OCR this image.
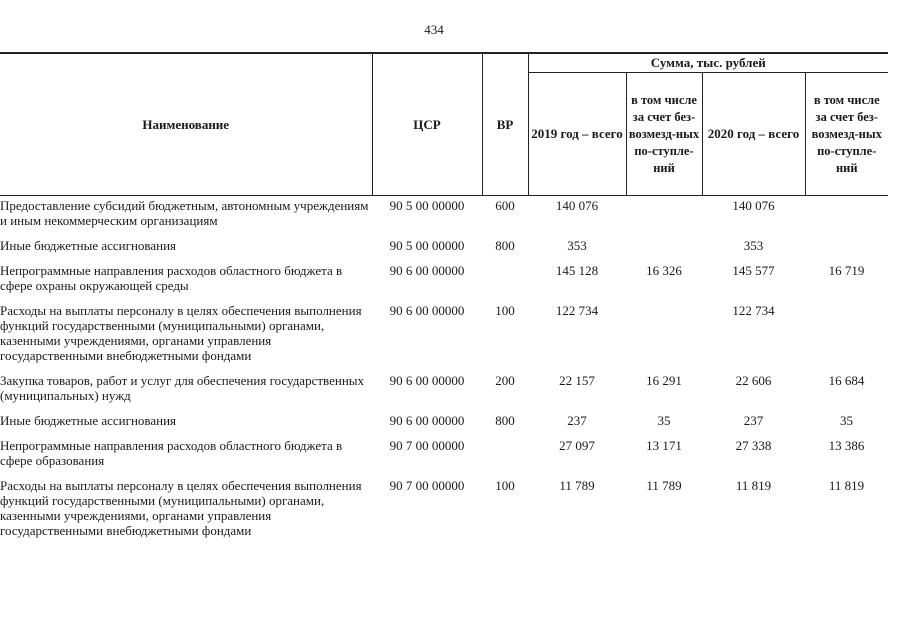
434
Наименование	ЦСР	ВР	Сумма, тыс. рублей			
			2019 год – всего	в том числе за счет без-возмезд-ных по-ступле-ний	2020 год – всего	в том числе за счет без-возмезд-ных по-ступле-ний
Предоставление субсидий бюджетным, автономным учреждениям и иным некоммерческим организациям	90 5 00 00000	600	140 076		140 076	
Иные бюджетные ассигнования	90 5 00 00000	800	353		353	
Непрограммные направления расходов областного бюджета в сфере охраны окружающей среды	90 6 00 00000		145 128	16 326	145 577	16 719
Расходы на выплаты персоналу в целях обеспечения выполнения функций государственными (муниципальными) органами, казенными учреждениями, органами управления государственными внебюджетными фондами	90 6 00 00000	100	122 734		122 734	
Закупка товаров, работ и услуг для обеспечения государственных (муниципальных) нужд	90 6 00 00000	200	22 157	16 291	22 606	16 684
Иные бюджетные ассигнования	90 6 00 00000	800	237	35	237	35
Непрограммные направления расходов областного бюджета в сфере образования	90 7 00 00000		27 097	13 171	27 338	13 386
Расходы на выплаты персоналу в целях обеспечения выполнения функций государственными (муниципальными) органами, казенными учреждениями, органами управления государственными внебюджетными фондами	90 7 00 00000	100	11 789	11 789	11 819	11 819
